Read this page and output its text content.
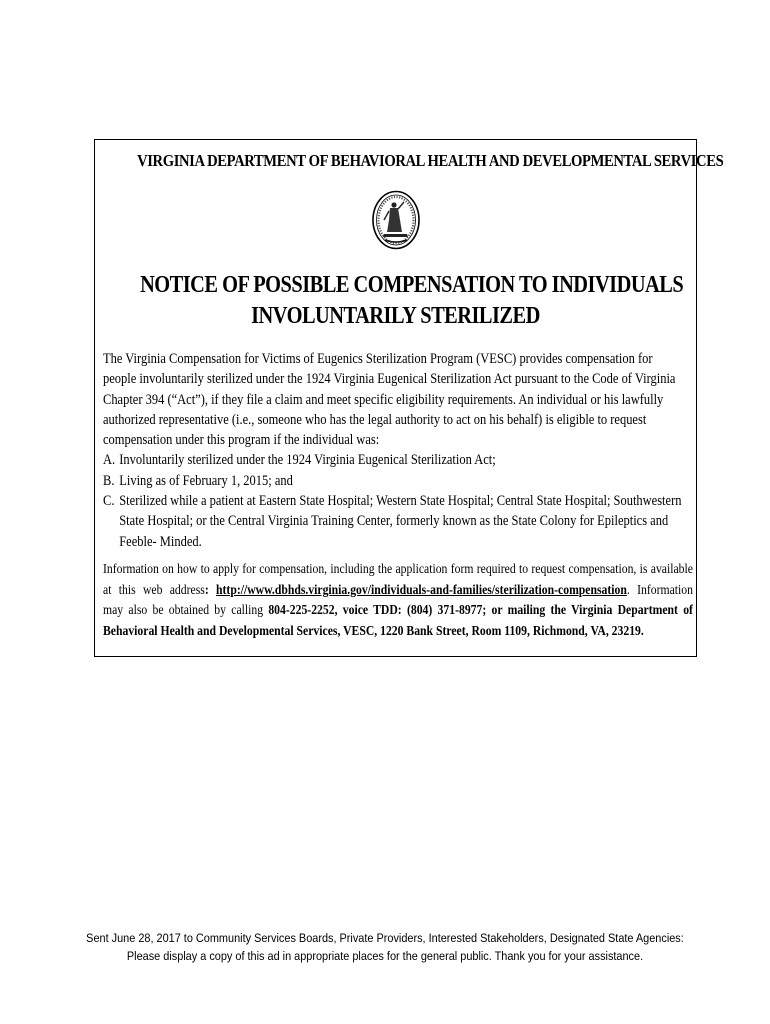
VIRGINIA DEPARTMENT OF BEHAVIORAL HEALTH AND DEVELOPMENTAL SERVICES
NOTICE OF POSSIBLE COMPENSATION TO INDIVIDUALS
INVOLUNTARILY STERILIZED

The Virginia Compensation for Victims of Eugenics Sterilization Program (VESC) provides compensation for people involuntarily sterilized under the 1924 Virginia Eugenical Sterilization Act pursuant to the Code of Virginia Chapter 394 (“Act”), if they file a claim and meet specific eligibility requirements. An individual or his lawfully authorized representative (i.e., someone who has the legal authority to act on his behalf) is eligible to request compensation under this program if the individual was:

A. Involuntarily sterilized under the 1924 Virginia Eugenical Sterilization Act;
B. Living as of February 1, 2015; and
C. Sterilized while a patient at Eastern State Hospital; Western State Hospital; Central State Hospital; Southwestern State Hospital; or the Central Virginia Training Center, formerly known as the State Colony for Epileptics and Feeble- Minded.
Information on how to apply for compensation, including the application form required to request compensation, is available at this web address: http://www.dbhds.virginia.gov/individuals-and-families/sterilization-compensation. Information may also be obtained by calling 804-225-2252, voice TDD: (804) 371-8977; or mailing the Virginia Department of Behavioral Health and Developmental Services, VESC, 1220 Bank Street, Room 1109, Richmond, VA, 23219.
Sent June 28, 2017 to Community Services Boards, Private Providers, Interested Stakeholders, Designated State Agencies:
Please display a copy of this ad in appropriate places for the general public. Thank you for your assistance.
